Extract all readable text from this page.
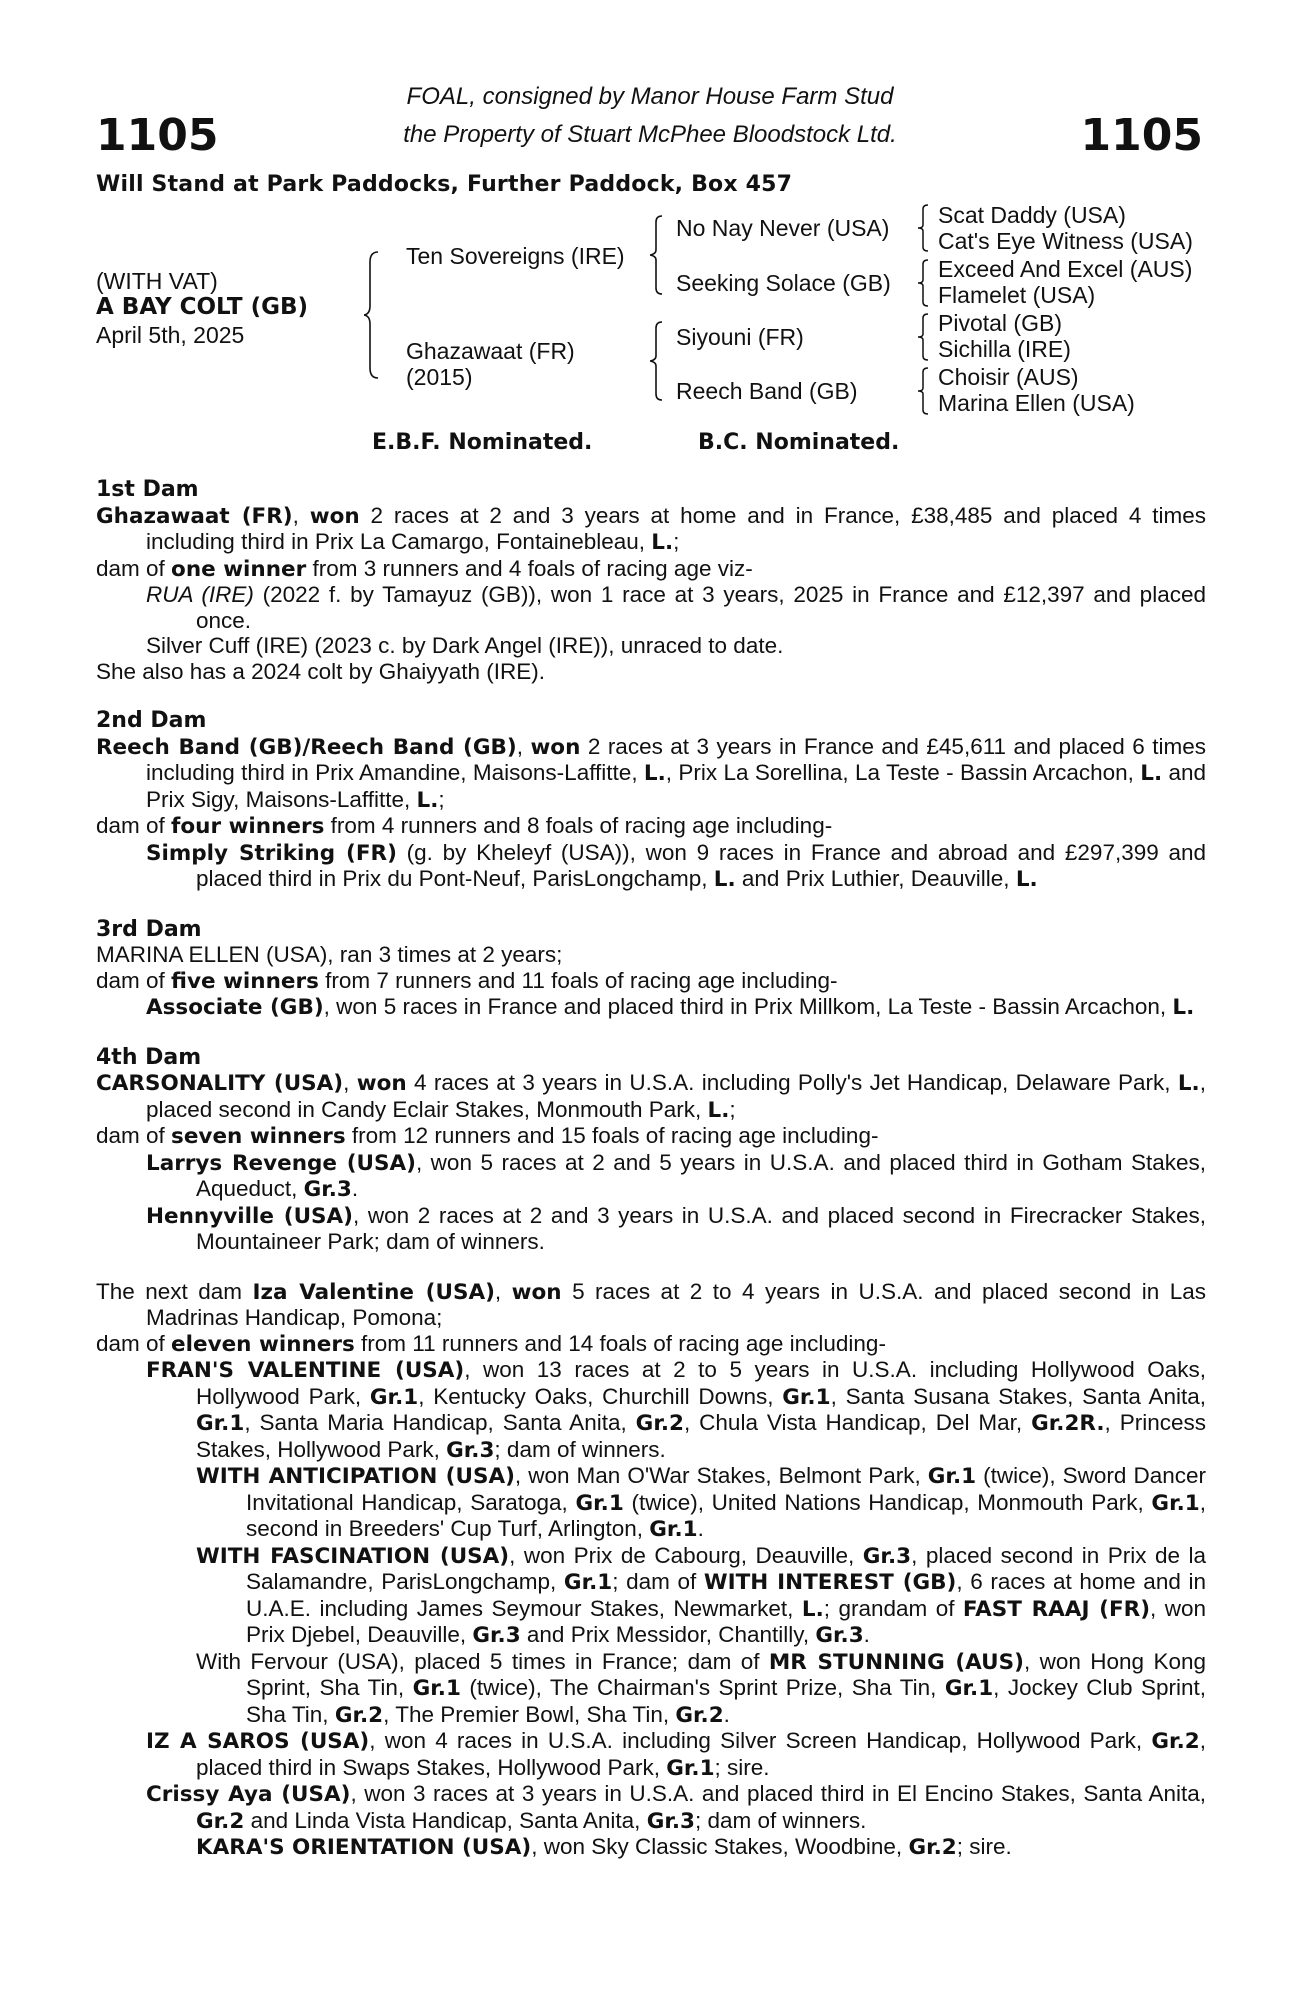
1105
FOAL, consigned by Manor House Farm Stud
the Property of Stuart McPhee Bloodstock Ltd.	1105
Will Stand at Park Paddocks, Further Paddock, Box 457
(WITH VAT)
A BAY COLT (GB)
April 5th, 2025
Ten Sovereigns (IRE)
Ghazawaat (FR)
(2015)
No Nay Never (USA)
Seeking Solace (GB)
Siyouni (FR)
Reech Band (GB)
Scat Daddy (USA)
Cat's Eye Witness (USA)
Exceed And Excel (AUS)
Flamelet (USA)
Pivotal (GB)
Sichilla (IRE)
Choisir (AUS)
Marina Ellen (USA)
E.B.F. Nominated.	B.C. Nominated.
1st Dam
Ghazawaat (FR), won 2 races at 2 and 3 years at home and in France, £38,485 and placed 4 times including third in Prix La Camargo, Fontainebleau, L.;
dam of one winner from 3 runners and 4 foals of racing age viz-
RUA (IRE) (2022 f. by Tamayuz (GB)), won 1 race at 3 years, 2025 in France and £12,397 and placed once.
Silver Cuff (IRE) (2023 c. by Dark Angel (IRE)), unraced to date.
She also has a 2024 colt by Ghaiyyath (IRE).
2nd Dam
Reech Band (GB)/Reech Band (GB), won 2 races at 3 years in France and £45,611 and placed 6 times including third in Prix Amandine, Maisons-Laffitte, L., Prix La Sorellina, La Teste - Bassin Arcachon, L. and Prix Sigy, Maisons-Laffitte, L.;
dam of four winners from 4 runners and 8 foals of racing age including-
Simply Striking (FR) (g. by Kheleyf (USA)), won 9 races in France and abroad and £297,399 and placed third in Prix du Pont-Neuf, ParisLongchamp, L. and Prix Luthier, Deauville, L.
3rd Dam
MARINA ELLEN (USA), ran 3 times at 2 years;
dam of five winners from 7 runners and 11 foals of racing age including-
Associate (GB), won 5 races in France and placed third in Prix Millkom, La Teste - Bassin Arcachon, L.
4th Dam
CARSONALITY (USA), won 4 races at 3 years in U.S.A. including Polly's Jet Handicap, Delaware Park, L., placed second in Candy Eclair Stakes, Monmouth Park, L.;
dam of seven winners from 12 runners and 15 foals of racing age including-
Larrys Revenge (USA), won 5 races at 2 and 5 years in U.S.A. and placed third in Gotham Stakes, Aqueduct, Gr.3.
Hennyville (USA), won 2 races at 2 and 3 years in U.S.A. and placed second in Firecracker Stakes, Mountaineer Park; dam of winners.
The next dam Iza Valentine (USA), won 5 races at 2 to 4 years in U.S.A. and placed second in Las Madrinas Handicap, Pomona;
dam of eleven winners from 11 runners and 14 foals of racing age including-
FRAN'S VALENTINE (USA), won 13 races at 2 to 5 years in U.S.A. including Hollywood Oaks, Hollywood Park, Gr.1, Kentucky Oaks, Churchill Downs, Gr.1, Santa Susana Stakes, Santa Anita, Gr.1, Santa Maria Handicap, Santa Anita, Gr.2, Chula Vista Handicap, Del Mar, Gr.2R., Princess Stakes, Hollywood Park, Gr.3; dam of winners.
WITH ANTICIPATION (USA), won Man O'War Stakes, Belmont Park, Gr.1 (twice), Sword Dancer Invitational Handicap, Saratoga, Gr.1 (twice), United Nations Handicap, Monmouth Park, Gr.1, second in Breeders' Cup Turf, Arlington, Gr.1.
WITH FASCINATION (USA), won Prix de Cabourg, Deauville, Gr.3, placed second in Prix de la Salamandre, ParisLongchamp, Gr.1; dam of WITH INTEREST (GB), 6 races at home and in U.A.E. including James Seymour Stakes, Newmarket, L.; grandam of FAST RAAJ (FR), won Prix Djebel, Deauville, Gr.3 and Prix Messidor, Chantilly, Gr.3.
With Fervour (USA), placed 5 times in France; dam of MR STUNNING (AUS), won Hong Kong Sprint, Sha Tin, Gr.1 (twice), The Chairman's Sprint Prize, Sha Tin, Gr.1, Jockey Club Sprint, Sha Tin, Gr.2, The Premier Bowl, Sha Tin, Gr.2.
IZ A SAROS (USA), won 4 races in U.S.A. including Silver Screen Handicap, Hollywood Park, Gr.2, placed third in Swaps Stakes, Hollywood Park, Gr.1; sire.
Crissy Aya (USA), won 3 races at 3 years in U.S.A. and placed third in El Encino Stakes, Santa Anita, Gr.2 and Linda Vista Handicap, Santa Anita, Gr.3; dam of winners.
KARA'S ORIENTATION (USA), won Sky Classic Stakes, Woodbine, Gr.2; sire.
